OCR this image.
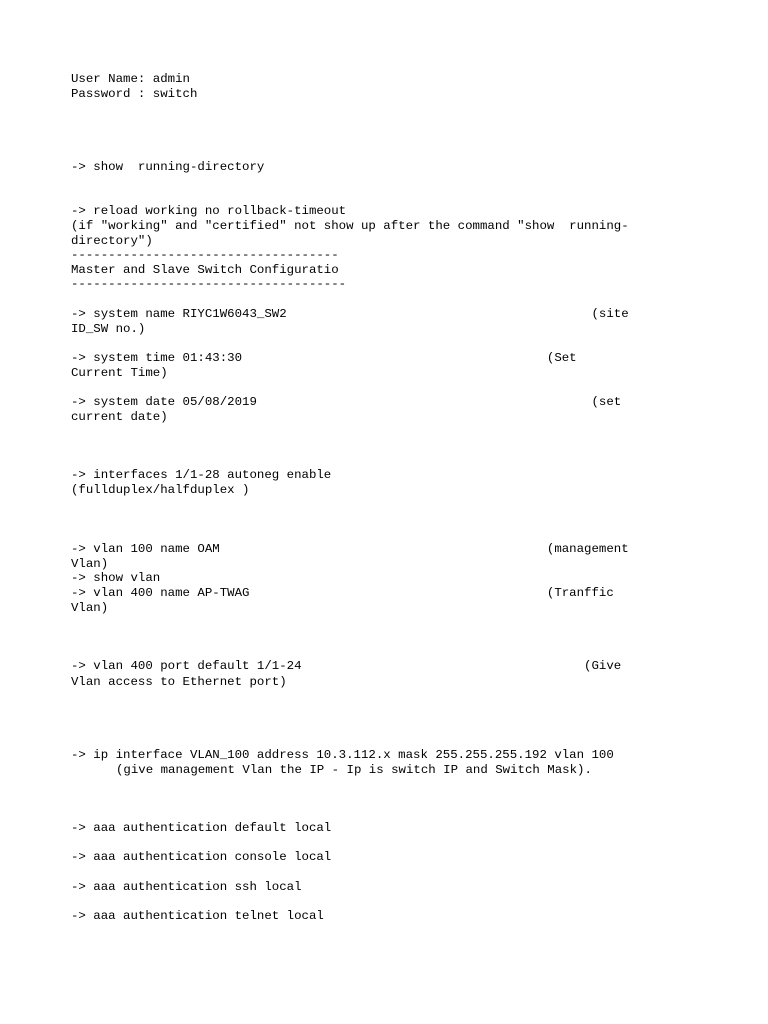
User Name: admin

Password : switch

-> show  running-directory

-> reload working no rollback-timeout

(if "working" and "certified" not show up after the command "show  running-

directory")

------------------------------------

Master and Slave Switch Configuratio

-------------------------------------

-> system name RIYC1W6043_SW2                                         (site

ID_SW no.)

-> system time 01:43:30                                         (Set

Current Time)

-> system date 05/08/2019                                             (set

current date)

-> interfaces 1/1-28 autoneg enable

(fullduplex/halfduplex )

-> vlan 100 name OAM                                            (management

Vlan)

-> show vlan

-> vlan 400 name AP-TWAG                                        (Tranffic

Vlan)

-> vlan 400 port default 1/1-24                                      (Give

Vlan access to Ethernet port)

-> ip interface VLAN_100 address 10.3.112.x mask 255.255.255.192 vlan 100

(give management Vlan the IP - Ip is switch IP and Switch Mask).

-> aaa authentication default local

-> aaa authentication console local

-> aaa authentication ssh local

-> aaa authentication telnet local
